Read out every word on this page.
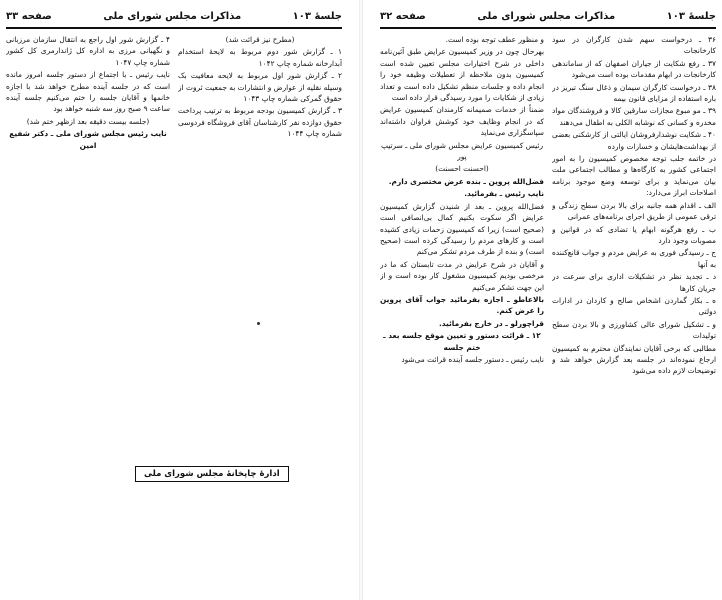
جلسهٔ ۱۰۳
مذاکرات مجلس شورای ملی
صفحه ۳۳

(مطرح نیز قرائت شد)

۱ ـ گزارش شور دوم مربوط به لایحهٔ استخدام آبدارخانه شماره چاپ ۱۰۴۲

۲ ـ گزارش شور اول مربوط به لایحه معافیت بک وسیله نقلیه از عوارض و انتشارات به جمعیت ثروت از حقوق گمرکی شماره چاپ ۱۰۴۳

۳ ـ گزارش کمیسیون بودجه مربوط به ترتیب پرداخت حقوق دوازده نفر کارشناسان آقای فروشگاه فردوسی شماره چاپ ۱۰۴۴

۴ ـ گزارش شور اول راجع به انتقال سازمان مرزبانی و نگهبانی مرزی به اداره کل ژاندارمری کل کشور شماره چاپ ۱۰۴۷

نایب رئیس ـ با اجتماع از دستور جلسه امروز مانده است که در جلسه آینده مطرح خواهد شد با اجازه خانمها و آقایان جلسه را ختم می‌کنیم جلسه آینده ساعت ۹ صبح روز سه شنبه خواهد بود

(جلسه بیست دقیقه بعد ازظهر ختم شد)

نایب رئیس مجلس شورای ملی ـ دکتر شفیع امین

ادارهٔ چاپخانهٔ مجلس شورای ملی
جلسهٔ ۱۰۳
مذاکرات مجلس شورای ملی
صفحه ۳۲

۳۶ ـ درخواست سهم شدن کارگران در سود کارخانجات

۳۷ ـ رفع شکایت از جیاران اصفهان که از ساماندهی کارخانجات در ابهام مقدمات بوده است می‌شود

۳۸ ـ درخواست کارگران سیمان و ذغال سنگ تبریز در باره استفاده از مزایای قانون بیمه

۳۹ ـ مو مبوع مجازات سارقین کالا و فروشندگان مواد مخدره و کسانی که نوشابه الکلی به اطفال می‌دهند

۴۰ ـ شکایت نوشدارفروشان ایالتی از کارشکنی بعضی از بهداشت‌هایشان و خسارات وارده

در خاتمه جلب توجه مخصوص کمیسیون را به امور اجتماعی کشور به کارگاه‌ها و مطالب اجتماعی ملت بیان می‌نماید و برای توسعه وضع موجود برنامه اصلاحات ابراز می‌دارد:

الف ـ اقدام همه جانبه برای بالا بردن سطح زندگی و ترقی عمومی از طریق اجرای برنامه‌های عمرانی

ب ـ رفع هرگونه ابهام یا تضادی که در قوانین و مصوبات وجود دارد

ج ـ رسیدگی فوری به عرایض مردم و جواب قانع‌کننده به آنها

د ـ تجدید نظر در تشکیلات اداری برای سرعت در جریان کارها

ه ـ بکار گماردن اشخاص صالح و کاردان در ادارات دولتی

و ـ تشکیل شورای عالی کشاورزی و بالا بردن سطح تولیدات

مطالبی که برخی آقایان نمایندگان محترم به کمیسیون ارجاع نموده‌اند در جلسه بعد گزارش خواهد شد و توضیحات لازم داده می‌شود

و منظور عطف توجه بوده است.

بهرحال چون در وزیر کمیسیون عرایض طبق آئین‌نامه داخلی در شرح اختیارات مجلس تعیین شده است کمیسیون بدون ملاحظه از تعطیلات وظیفه خود را انجام داده و جلسات منظم تشکیل داده است و تعداد زیادی از شکایات را مورد رسیدگی قرار داده است

ضمناً از خدمات صمیمانه کارمندان کمیسیون عرایض که در انجام وظایف خود کوشش فراوان داشته‌اند سپاسگزاری می‌نماید

رئیس کمیسیون عرایض مجلس شورای ملی ـ سرتیپ پور

(احسنت احسنت)

فضل‌الله پروین ـ بنده عرض مختصری دارم.

نایب رئیس ـ بفرمائید.

فضل‌الله پروین ـ بعد از شنیدن گزارش کمیسیون عرایض اگر سکوت بکنیم کمال بی‌انصافی است (صحیح است) زیرا که کمیسیون زحمات زیادی کشیده است و کارهای مردم را رسیدگی کرده است (صحیح است) و بنده از طرف مردم تشکر می‌کنم

و آقایان در شرح عرایض در مدت تابستان که ما در مرخصی بودیم کمیسیون مشغول کار بوده است و از این جهت تشکر می‌کنیم

بالاعاطو ـ اجازه بفرمائید جواب آقای پروین را عرض کنم.

قراچورلو ـ در خارج بفرمائید.

۱۲ ـ قرائت دستور و تعیین موقع جلسه بعد ـ ختم جلسه

نایب رئیس ـ دستور جلسه آینده قرائت می‌شود
